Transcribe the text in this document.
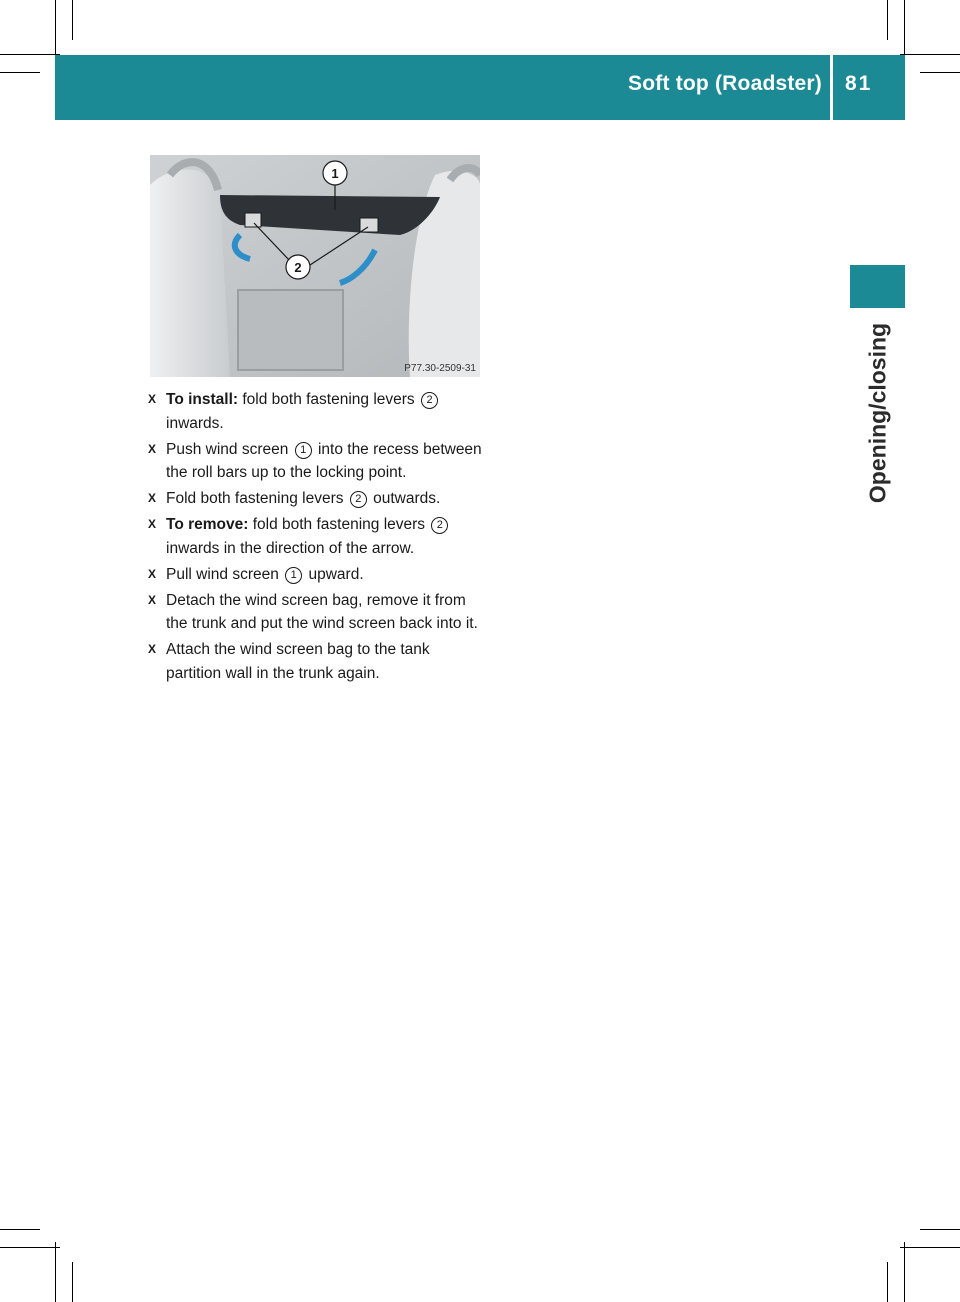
Soft top (Roadster) 81
Opening/closing
1
2
P77.30-2509-31
X To install: fold both fastening levers 2 inwards.
X Push wind screen 1 into the recess between the roll bars up to the locking point.
X Fold both fastening levers 2 outwards.
X To remove: fold both fastening levers 2 inwards in the direction of the arrow.
X Pull wind screen 1 upward.
X Detach the wind screen bag, remove it from the trunk and put the wind screen back into it.
X Attach the wind screen bag to the tank partition wall in the trunk again.
